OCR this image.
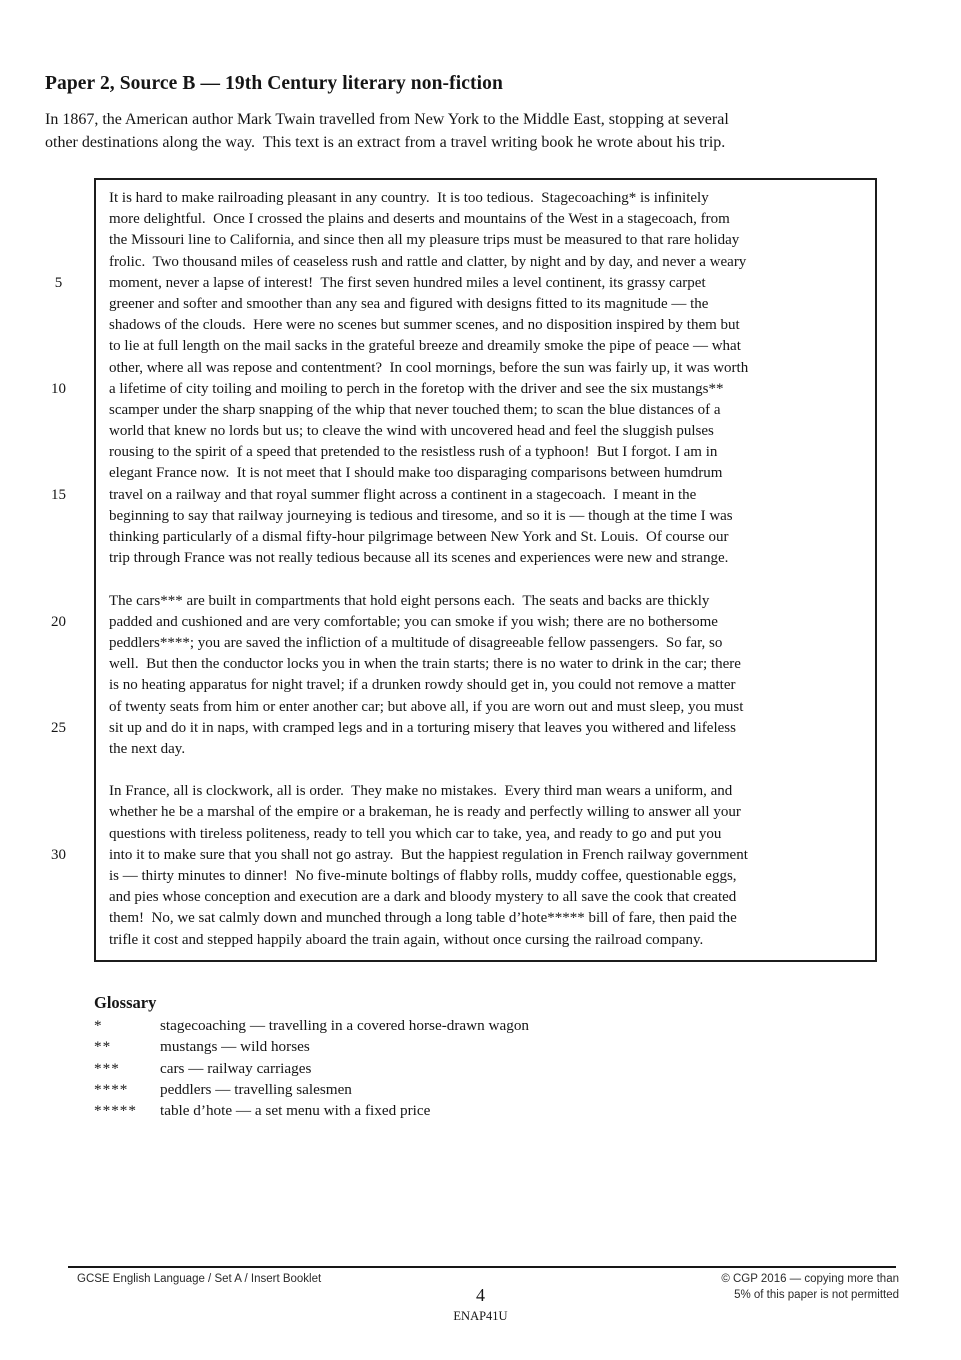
Paper 2, Source B — 19th Century literary non-fiction
In 1867, the American author Mark Twain travelled from New York to the Middle East, stopping at several
other destinations along the way.  This text is an extract from a travel writing book he wrote about his trip.
5
10
15
20
25
30
It is hard to make railroading pleasant in any country.  It is too tedious.  Stagecoaching* is infinitely
more delightful.  Once I crossed the plains and deserts and mountains of the West in a stagecoach, from
the Missouri line to California, and since then all my pleasure trips must be measured to that rare holiday
frolic.  Two thousand miles of ceaseless rush and rattle and clatter, by night and by day, and never a weary
moment, never a lapse of interest!  The first seven hundred miles a level continent, its grassy carpet
greener and softer and smoother than any sea and figured with designs fitted to its magnitude — the
shadows of the clouds.  Here were no scenes but summer scenes, and no disposition inspired by them but
to lie at full length on the mail sacks in the grateful breeze and dreamily smoke the pipe of peace — what
other, where all was repose and contentment?  In cool mornings, before the sun was fairly up, it was worth
a lifetime of city toiling and moiling to perch in the foretop with the driver and see the six mustangs**
scamper under the sharp snapping of the whip that never touched them; to scan the blue distances of a
world that knew no lords but us; to cleave the wind with uncovered head and feel the sluggish pulses
rousing to the spirit of a speed that pretended to the resistless rush of a typhoon!  But I forgot. I am in
elegant France now.  It is not meet that I should make too disparaging comparisons between humdrum
travel on a railway and that royal summer flight across a continent in a stagecoach.  I meant in the
beginning to say that railway journeying is tedious and tiresome, and so it is — though at the time I was
thinking particularly of a dismal fifty-hour pilgrimage between New York and St. Louis.  Of course our
trip through France was not really tedious because all its scenes and experiences were new and strange.
The cars*** are built in compartments that hold eight persons each.  The seats and backs are thickly
padded and cushioned and are very comfortable; you can smoke if you wish; there are no bothersome
peddlers****; you are saved the infliction of a multitude of disagreeable fellow passengers.  So far, so
well.  But then the conductor locks you in when the train starts; there is no water to drink in the car; there
is no heating apparatus for night travel; if a drunken rowdy should get in, you could not remove a matter
of twenty seats from him or enter another car; but above all, if you are worn out and must sleep, you must
sit up and do it in naps, with cramped legs and in a torturing misery that leaves you withered and lifeless
the next day.
In France, all is clockwork, all is order.  They make no mistakes.  Every third man wears a uniform, and
whether he be a marshal of the empire or a brakeman, he is ready and perfectly willing to answer all your
questions with tireless politeness, ready to tell you which car to take, yea, and ready to go and put you
into it to make sure that you shall not go astray.  But the happiest regulation in French railway government
is — thirty minutes to dinner!  No five-minute boltings of flabby rolls, muddy coffee, questionable eggs,
and pies whose conception and execution are a dark and bloody mystery to all save the cook that created
them!  No, we sat calmly down and munched through a long table d’hote***** bill of fare, then paid the
trifle it cost and stepped happily aboard the train again, without once cursing the railroad company.
Glossary
*	stagecoaching — travelling in a covered horse-drawn wagon
**	mustangs — wild horses
***	cars — railway carriages
****	peddlers — travelling salesmen
*****	table d’hote — a set menu with a fixed price
GCSE English Language / Set A / Insert Booklet	© CGP 2016 — copying more than
5% of this paper is not permitted
4
ENAP41U
